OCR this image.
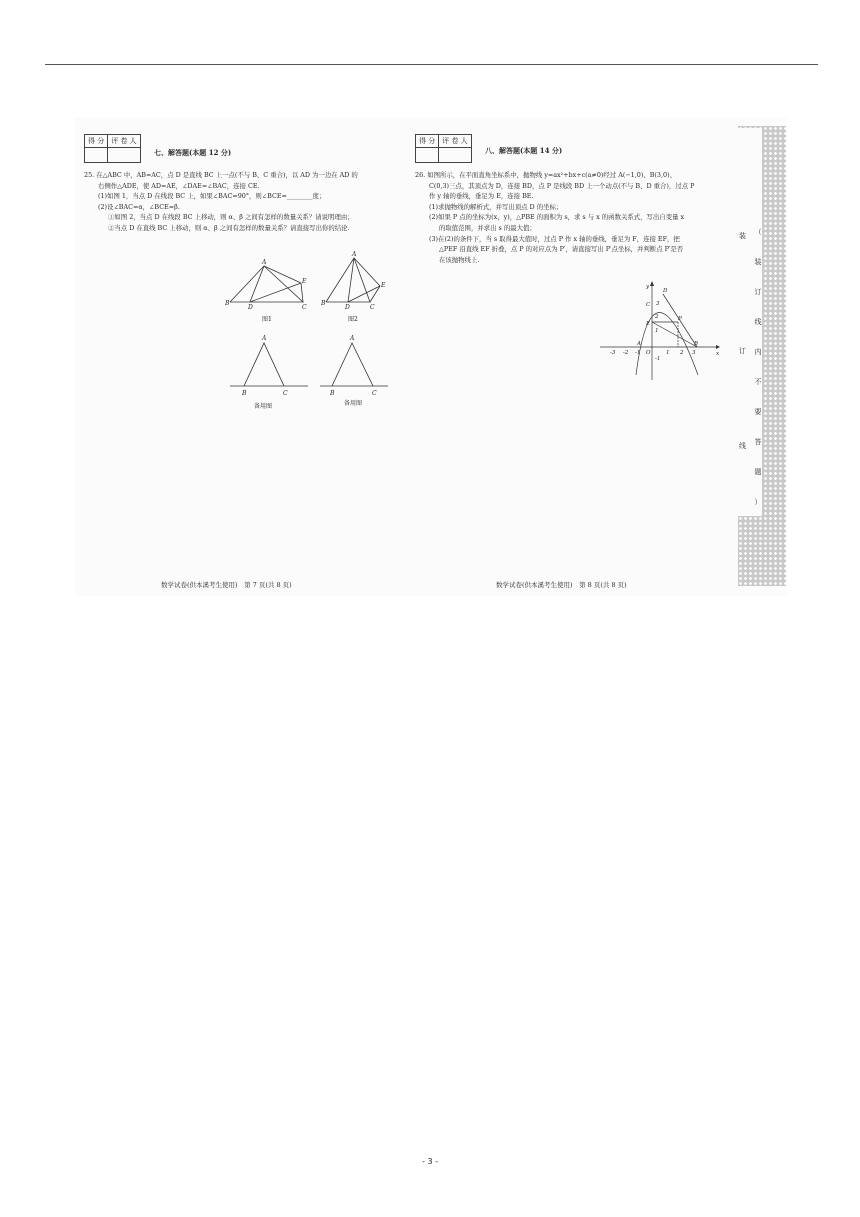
得 分	评 卷 人

七、解答题(本题 12 分)
25. 在△ABC 中，AB=AC，点 D 是直线 BC 上一点(不与 B、C 重合)，以 AD 为一边在 AD 的
右侧作△ADE，使 AD=AE，∠DAE=∠BAC，连接 CE.
(1)如图 1，当点 D 在线段 BC 上，如果∠BAC=90°，则∠BCE=________度；
(2)设∠BAC=α，∠BCE=β.
①如图 2，当点 D 在线段 BC 上移动，则 α、β 之间有怎样的数量关系？请说明理由；
②当点 D 在直线 BC 上移动，则 α、β 之间有怎样的数量关系？请直接写出你的结论.
A
B
D	C
E
图1
A
B
D	C
E
图2
A
B	C
备用图
A
B	C
备用图
数学试卷(供本溪考生使用)　第 7 页(共 8 页)
得 分	评 卷 人

八、解答题(本题 14 分)
26. 如图所示，在平面直角坐标系中，抛物线 y=ax²+bx+c(a≠0)经过 A(−1,0)、B(3,0)、
C(0,3)三点，其顶点为 D，连接 BD，点 P 是线段 BD 上一个动点(不与 B、D 重合)，过点 P
作 y 轴的垂线，垂足为 E，连接 BE.
(1)求抛物线的解析式，并写出顶点 D 的坐标；
(2)如果 P 点的坐标为(x，y)，△PBE 的面积为 s，求 s 与 x 的函数关系式，写出自变量 x
的取值范围，并求出 s 的最大值；
(3)在(2)的条件下，当 s 取得最大值时，过点 P 作 x 轴的垂线，垂足为 F，连接 EF，把
△PEF 沿直线 EF 折叠，点 P 的对应点为 P′，请直接写出 P′点坐标，并判断点 P′是否
在该抛物线上.
y
x
O
D
C
E
P
A	B
3
2
1
-1
-3 -2 -1	1 2 3
数学试卷(供本溪考生使用)　第 8 页(共 8 页)
（
装
订
线
内
不
要
答
题
）
装
订
线
- 3 -
